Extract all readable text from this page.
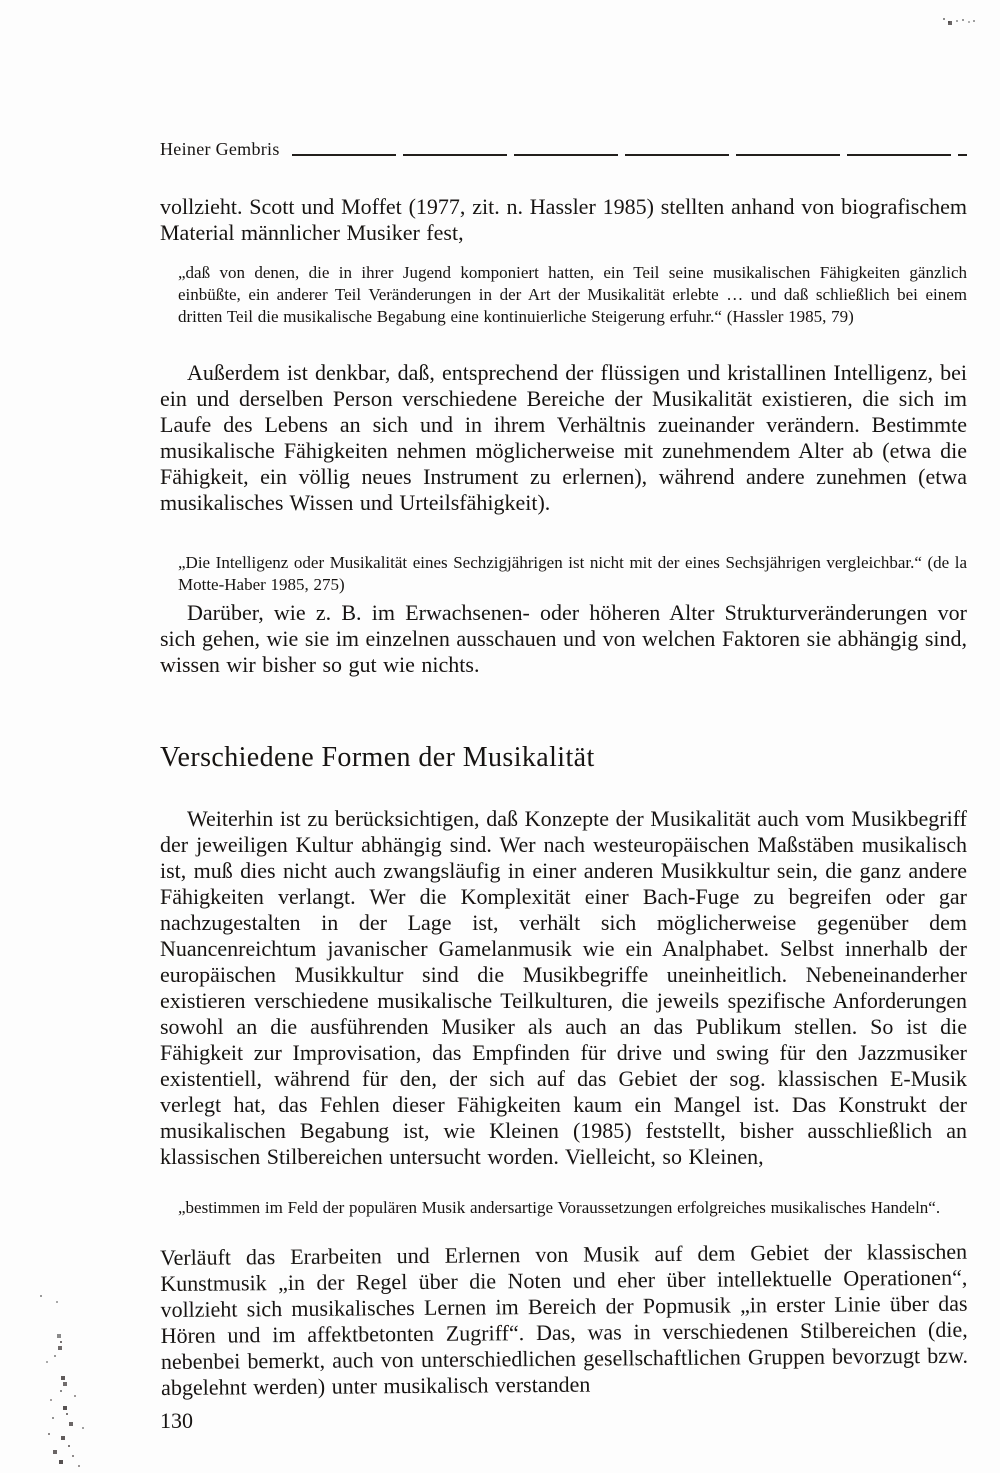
Heiner Gembris

vollzieht. Scott und Moffet (1977, zit. n. Hassler 1985) stellten anhand von biografischem Material männlicher Musiker fest,

„daß von denen, die in ihrer Jugend komponiert hatten, ein Teil seine musikalischen Fähigkeiten gänzlich einbüßte, ein anderer Teil Veränderungen in der Art der Musikalität erlebte … und daß schließlich bei einem dritten Teil die musikalische Begabung eine kontinuierliche Steigerung erfuhr.“ (Hassler 1985, 79)

Außerdem ist denkbar, daß, entsprechend der flüssigen und kristallinen Intelligenz, bei ein und derselben Person verschiedene Bereiche der Musikalität existieren, die sich im Laufe des Lebens an sich und in ihrem Verhältnis zueinander verändern. Bestimmte musikalische Fähigkeiten nehmen möglicherweise mit zunehmendem Alter ab (etwa die Fähigkeit, ein völlig neues Instrument zu erlernen), während andere zunehmen (etwa musikalisches Wissen und Urteilsfähigkeit).

„Die Intelligenz oder Musikalität eines Sechzigjährigen ist nicht mit der eines Sechsjährigen vergleichbar.“ (de la Motte-Haber 1985, 275)

Darüber, wie z. B. im Erwachsenen- oder höheren Alter Strukturveränderungen vor sich gehen, wie sie im einzelnen ausschauen und von welchen Faktoren sie abhängig sind, wissen wir bisher so gut wie nichts.

Verschiedene Formen der Musikalität

Weiterhin ist zu berücksichtigen, daß Konzepte der Musikalität auch vom Musikbegriff der jeweiligen Kultur abhängig sind. Wer nach westeuropäischen Maßstäben musikalisch ist, muß dies nicht auch zwangsläufig in einer anderen Musikkultur sein, die ganz andere Fähigkeiten verlangt. Wer die Komplexität einer Bach-Fuge zu begreifen oder gar nachzugestalten in der Lage ist, verhält sich möglicherweise gegenüber dem Nuancenreichtum javanischer Gamelanmusik wie ein Analphabet. Selbst innerhalb der europäischen Musikkultur sind die Musikbegriffe uneinheitlich. Nebeneinanderher existieren verschiedene musikalische Teilkulturen, die jeweils spezifische Anforderungen sowohl an die ausführenden Musiker als auch an das Publikum stellen. So ist die Fähigkeit zur Improvisation, das Empfinden für drive und swing für den Jazzmusiker existentiell, während für den, der sich auf das Gebiet der sog. klassischen E-Musik verlegt hat, das Fehlen dieser Fähigkeiten kaum ein Mangel ist. Das Konstrukt der musikalischen Begabung ist, wie Kleinen (1985) feststellt, bisher ausschließlich an klassischen Stilbereichen untersucht worden. Vielleicht, so Kleinen,

„bestimmen im Feld der populären Musik andersartige Voraussetzungen erfolgreiches musikalisches Handeln“.

Verläuft das Erarbeiten und Erlernen von Musik auf dem Gebiet der klassischen Kunstmusik „in der Regel über die Noten und eher über intellektuelle Operationen“, vollzieht sich musikalisches Lernen im Bereich der Popmusik „in erster Linie über das Hören und im affektbetonten Zugriff“. Das, was in verschiedenen Stilbereichen (die, nebenbei bemerkt, auch von unterschiedlichen gesellschaftlichen Gruppen bevorzugt bzw. abgelehnt werden) unter musikalisch verstanden

130
